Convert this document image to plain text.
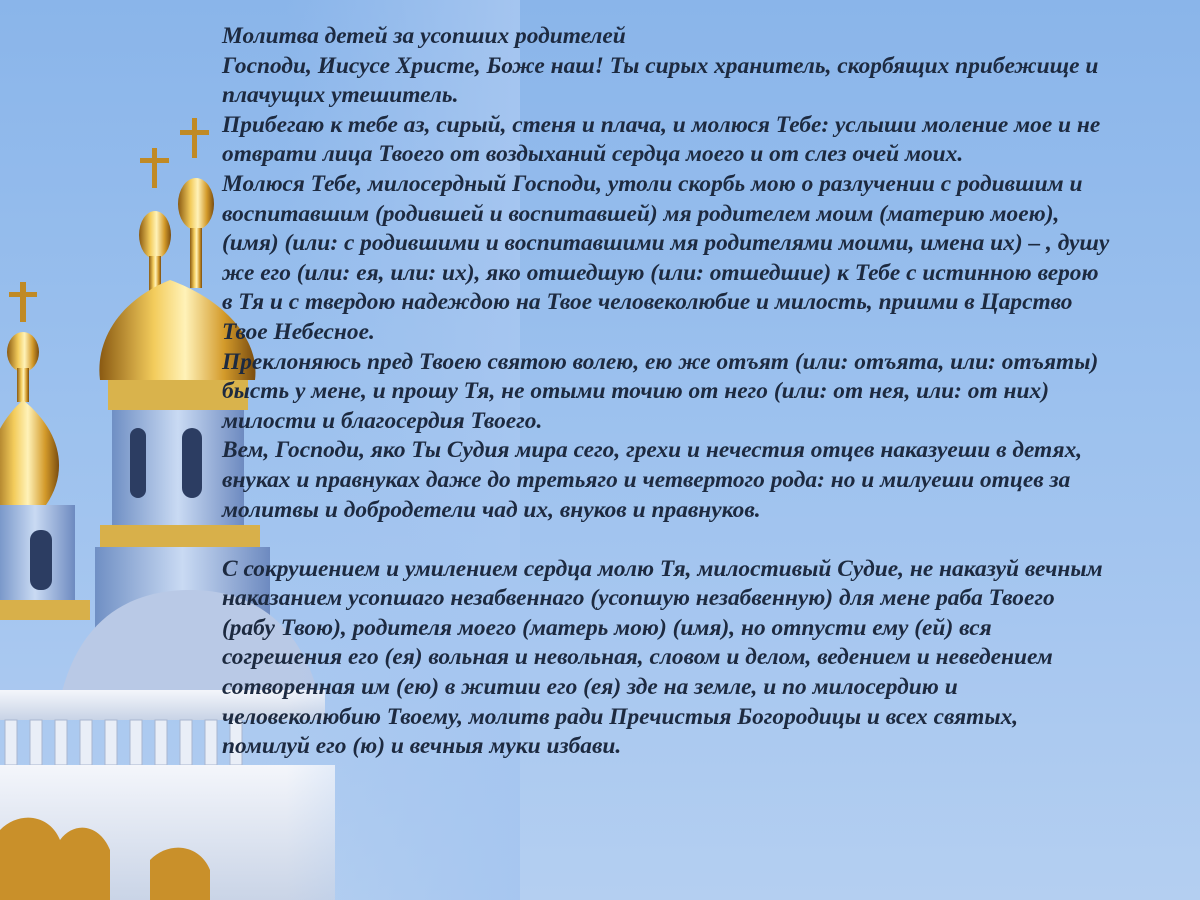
Молитва детей за усопших родителей
Господи, Иисусе Христе, Боже наш! Ты сирых хранитель, скорбящих прибежище и
плачущих утешитель.
Прибегаю к тебе аз, сирый, стеня и плача, и молюся Тебе: услыши моление мое и не
отврати лица Твоего от воздыханий сердца моего и от слез очей моих.
Молюся Тебе, милосердный Господи, утоли скорбь мою о разлучении с родившим и
воспитавшим (родившей и воспитавшей) мя родителем моим (материю моею),
(имя) (или: с родившими и воспитавшими мя родителями моими, имена их) – , душу
же его (или: ея, или: их), яко отшедшую (или: отшедшие) к Тебе с истинною верою
в Тя и с твердою надеждою на Твое человеколюбие и милость, приими в Царство
Твое Небесное.
Преклоняюсь пред Твоею святою волею, ею же отъят (или: отъята, или: отъяты)
бысть у мене, и прошу Тя, не отыми точию от него (или: от нея, или: от них)
милости и благосердия Твоего.
Вем, Господи, яко Ты Судия мира сего, грехи и нечестия отцев наказуеши в детях,
внуках и правнуках даже до третьяго и четвертого рода: но и милуеши отцев за
молитвы и добродетели чад их, внуков и правнуков.
С сокрушением и умилением сердца молю Тя, милостивый Судие, не наказуй вечным
наказанием усопшаго незабвеннаго (усопшую незабвенную) для мене раба Твоего
(рабу Твою), родителя моего (матерь мою) (имя), но отпусти ему (ей) вся
согрешения его (ея) вольная и невольная, словом и делом, ведением и неведением
сотворенная им (ею) в житии его (ея) зде на земле, и по милосердию и
человеколюбию Твоему, молитв ради Пречистыя Богородицы и всех святых,
помилуй его (ю) и вечныя муки избави.
